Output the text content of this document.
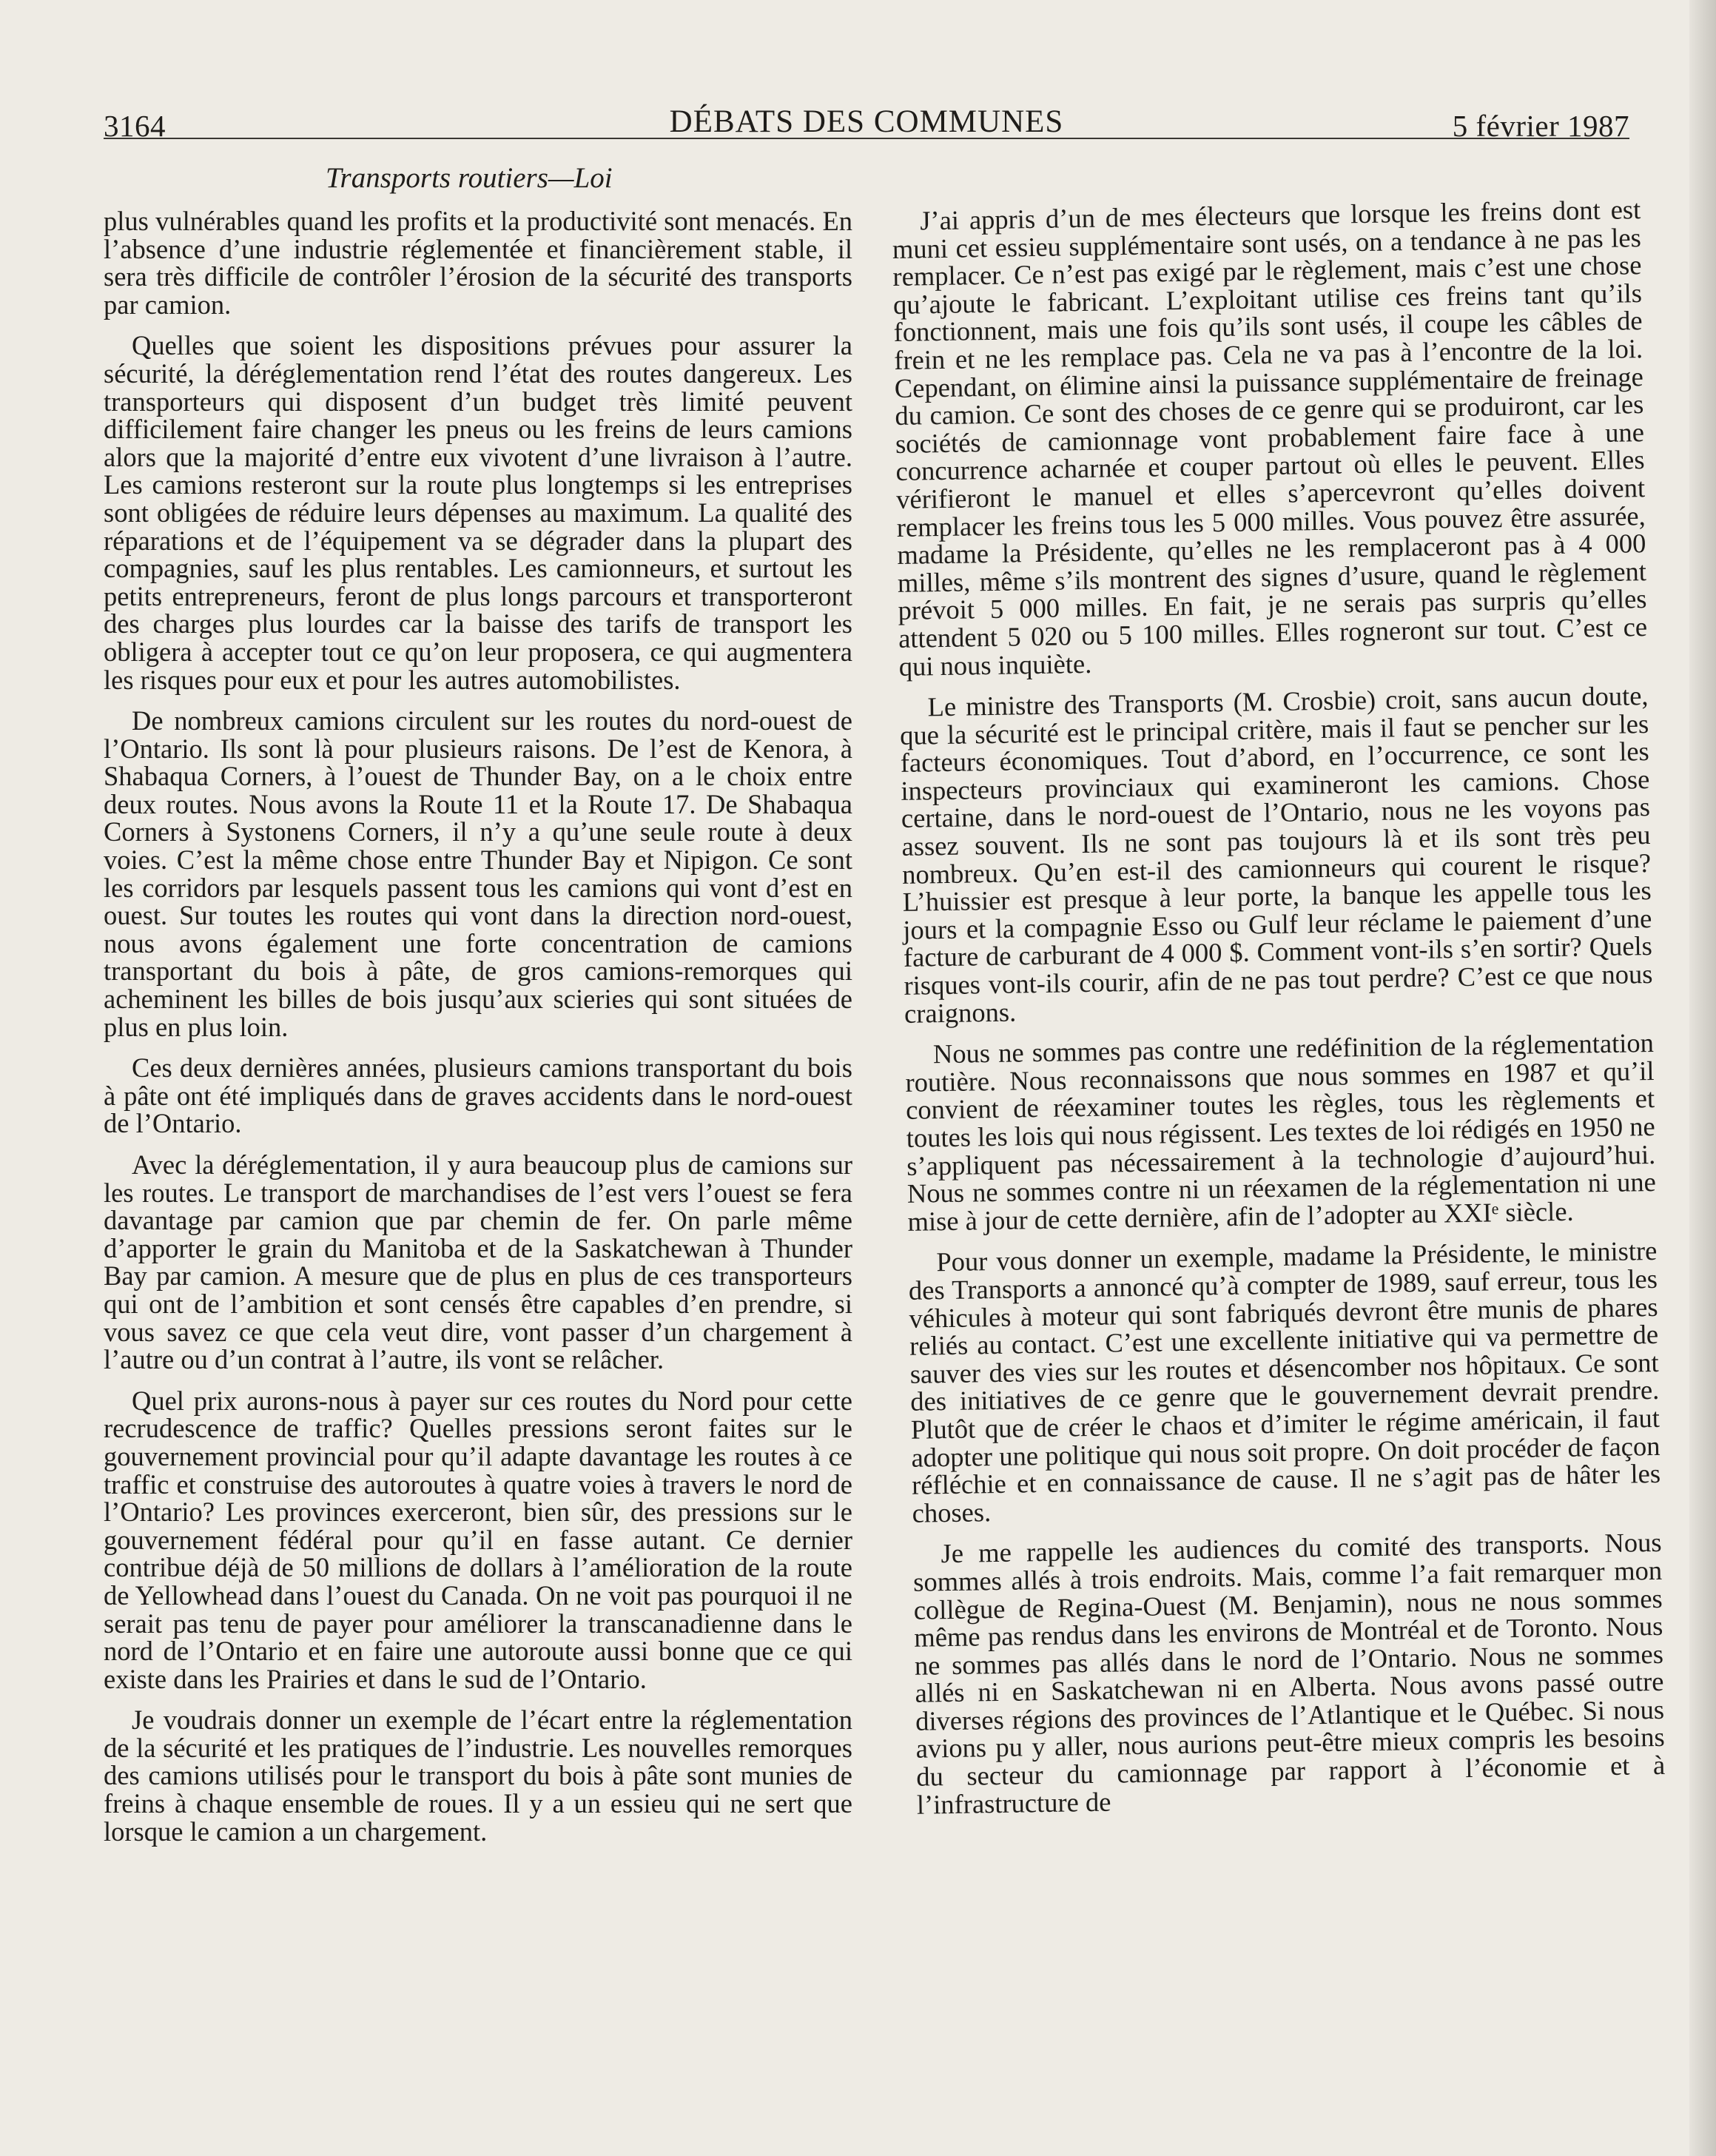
DÉBATS DES COMMUNES
3164	5 février 1987
Transports routiers—Loi

plus vulnérables quand les profits et la productivité sont menacés. En l’absence d’une industrie réglementée et financièrement stable, il sera très difficile de contrôler l’érosion de la sécurité des transports par camion.

Quelles que soient les dispositions prévues pour assurer la sécurité, la déréglementation rend l’état des routes dangereux. Les transporteurs qui disposent d’un budget très limité peuvent difficilement faire changer les pneus ou les freins de leurs camions alors que la majorité d’entre eux vivotent d’une livraison à l’autre. Les camions resteront sur la route plus longtemps si les entreprises sont obligées de réduire leurs dépenses au maximum. La qualité des réparations et de l’équipement va se dégrader dans la plupart des compagnies, sauf les plus rentables. Les camionneurs, et surtout les petits entrepreneurs, feront de plus longs parcours et transporteront des charges plus lourdes car la baisse des tarifs de transport les obligera à accepter tout ce qu’on leur proposera, ce qui augmentera les risques pour eux et pour les autres automobilistes.

De nombreux camions circulent sur les routes du nord-ouest de l’Ontario. Ils sont là pour plusieurs raisons. De l’est de Kenora, à Shabaqua Corners, à l’ouest de Thunder Bay, on a le choix entre deux routes. Nous avons la Route 11 et la Route 17. De Shabaqua Corners à Systonens Corners, il n’y a qu’une seule route à deux voies. C’est la même chose entre Thunder Bay et Nipigon. Ce sont les corridors par lesquels passent tous les camions qui vont d’est en ouest. Sur toutes les routes qui vont dans la direction nord-ouest, nous avons également une forte concentration de camions transportant du bois à pâte, de gros camions-remorques qui acheminent les billes de bois jusqu’aux scieries qui sont situées de plus en plus loin.

Ces deux dernières années, plusieurs camions transportant du bois à pâte ont été impliqués dans de graves accidents dans le nord-ouest de l’Ontario.

Avec la déréglementation, il y aura beaucoup plus de camions sur les routes. Le transport de marchandises de l’est vers l’ouest se fera davantage par camion que par chemin de fer. On parle même d’apporter le grain du Manitoba et de la Saskatchewan à Thunder Bay par camion. A mesure que de plus en plus de ces transporteurs qui ont de l’ambition et sont censés être capables d’en prendre, si vous savez ce que cela veut dire, vont passer d’un chargement à l’autre ou d’un contrat à l’autre, ils vont se relâcher.

Quel prix aurons-nous à payer sur ces routes du Nord pour cette recrudescence de traffic? Quelles pressions seront faites sur le gouvernement provincial pour qu’il adapte davantage les routes à ce traffic et construise des autoroutes à quatre voies à travers le nord de l’Ontario? Les provinces exerceront, bien sûr, des pressions sur le gouvernement fédéral pour qu’il en fasse autant. Ce dernier contribue déjà de 50 millions de dollars à l’amélioration de la route de Yellowhead dans l’ouest du Canada. On ne voit pas pourquoi il ne serait pas tenu de payer pour améliorer la transcanadienne dans le nord de l’Ontario et en faire une autoroute aussi bonne que ce qui existe dans les Prairies et dans le sud de l’Ontario.

Je voudrais donner un exemple de l’écart entre la réglementation de la sécurité et les pratiques de l’industrie. Les nouvelles remorques des camions utilisés pour le transport du bois à pâte sont munies de freins à chaque ensemble de roues. Il y a un essieu qui ne sert que lorsque le camion a un chargement.

J’ai appris d’un de mes électeurs que lorsque les freins dont est muni cet essieu supplémentaire sont usés, on a tendance à ne pas les remplacer. Ce n’est pas exigé par le règlement, mais c’est une chose qu’ajoute le fabricant. L’exploitant utilise ces freins tant qu’ils fonctionnent, mais une fois qu’ils sont usés, il coupe les câbles de frein et ne les remplace pas. Cela ne va pas à l’encontre de la loi. Cependant, on élimine ainsi la puissance supplémentaire de freinage du camion. Ce sont des choses de ce genre qui se produiront, car les sociétés de camionnage vont probablement faire face à une concurrence acharnée et couper partout où elles le peuvent. Elles vérifieront le manuel et elles s’apercevront qu’elles doivent remplacer les freins tous les 5 000 milles. Vous pouvez être assurée, madame la Présidente, qu’elles ne les remplaceront pas à 4 000 milles, même s’ils montrent des signes d’usure, quand le règlement prévoit 5 000 milles. En fait, je ne serais pas surpris qu’elles attendent 5 020 ou 5 100 milles. Elles rogneront sur tout. C’est ce qui nous inquiète.

Le ministre des Transports (M. Crosbie) croit, sans aucun doute, que la sécurité est le principal critère, mais il faut se pencher sur les facteurs économiques. Tout d’abord, en l’occurrence, ce sont les inspecteurs provinciaux qui examineront les camions. Chose certaine, dans le nord-ouest de l’Ontario, nous ne les voyons pas assez souvent. Ils ne sont pas toujours là et ils sont très peu nombreux. Qu’en est-il des camionneurs qui courent le risque? L’huissier est presque à leur porte, la banque les appelle tous les jours et la compagnie Esso ou Gulf leur réclame le paiement d’une facture de carburant de 4 000 $. Comment vont-ils s’en sortir? Quels risques vont-ils courir, afin de ne pas tout perdre? C’est ce que nous craignons.

Nous ne sommes pas contre une redéfinition de la réglementation routière. Nous reconnaissons que nous sommes en 1987 et qu’il convient de réexaminer toutes les règles, tous les règlements et toutes les lois qui nous régissent. Les textes de loi rédigés en 1950 ne s’appliquent pas nécessairement à la technologie d’aujourd’hui. Nous ne sommes contre ni un réexamen de la réglementation ni une mise à jour de cette dernière, afin de l’adopter au XXIᵉ siècle.

Pour vous donner un exemple, madame la Présidente, le ministre des Transports a annoncé qu’à compter de 1989, sauf erreur, tous les véhicules à moteur qui sont fabriqués devront être munis de phares reliés au contact. C’est une excellente initiative qui va permettre de sauver des vies sur les routes et désencomber nos hôpitaux. Ce sont des initiatives de ce genre que le gouvernement devrait prendre. Plutôt que de créer le chaos et d’imiter le régime américain, il faut adopter une politique qui nous soit propre. On doit procéder de façon réfléchie et en connaissance de cause. Il ne s’agit pas de hâter les choses.

Je me rappelle les audiences du comité des transports. Nous sommes allés à trois endroits. Mais, comme l’a fait remarquer mon collègue de Regina-Ouest (M. Benjamin), nous ne nous sommes même pas rendus dans les environs de Montréal et de Toronto. Nous ne sommes pas allés dans le nord de l’Ontario. Nous ne sommes allés ni en Saskatchewan ni en Alberta. Nous avons passé outre diverses régions des provinces de l’Atlantique et le Québec. Si nous avions pu y aller, nous aurions peut-être mieux compris les besoins du secteur du camionnage par rapport à l’économie et à l’infrastructure de
